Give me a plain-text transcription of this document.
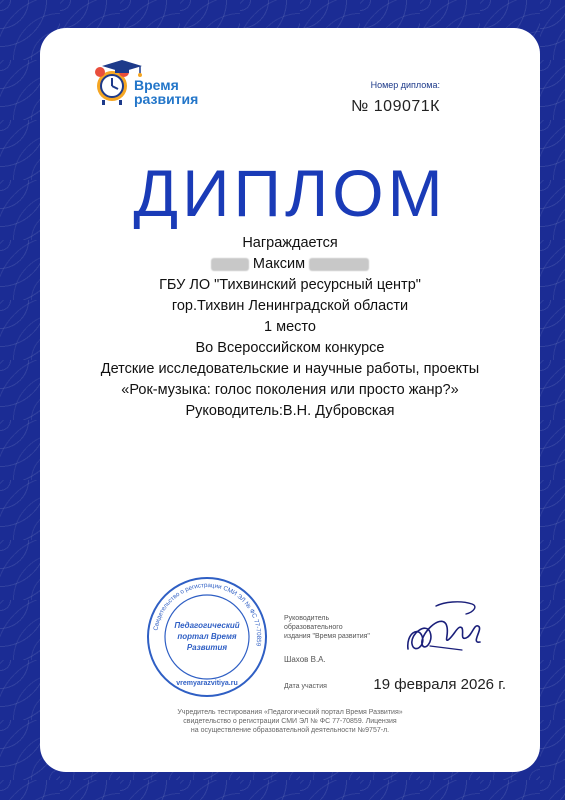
Время
развития
Номер диплома:
№ 109071К
ДИПЛОМ
Награждается
Максим
ГБУ ЛО "Тихвинский ресурсный центр"
гор.Тихвин Ленинградской области
1 место
Во Всероссийском конкурсе
Детские исследовательские и научные работы, проекты
«Рок-музыка: голос поколения или просто жанр?»
Руководитель:В.Н. Дубровская
Свидетельство о регистрации СМИ ЭЛ № ФС 77-70859
Педагогический
портал Время
Развития
vremyarazvitiya.ru
Руководитель
образовательного
издания "Время развития"
Шахов В.А.
Дата участия	19 февраля 2026 г.
Учредитель тестирования «Педагогический портал Время Развития»
свидетельство о регистрации СМИ ЭЛ № ФС 77-70859. Лицензия
на осуществление образовательной деятельности №9757-л.
